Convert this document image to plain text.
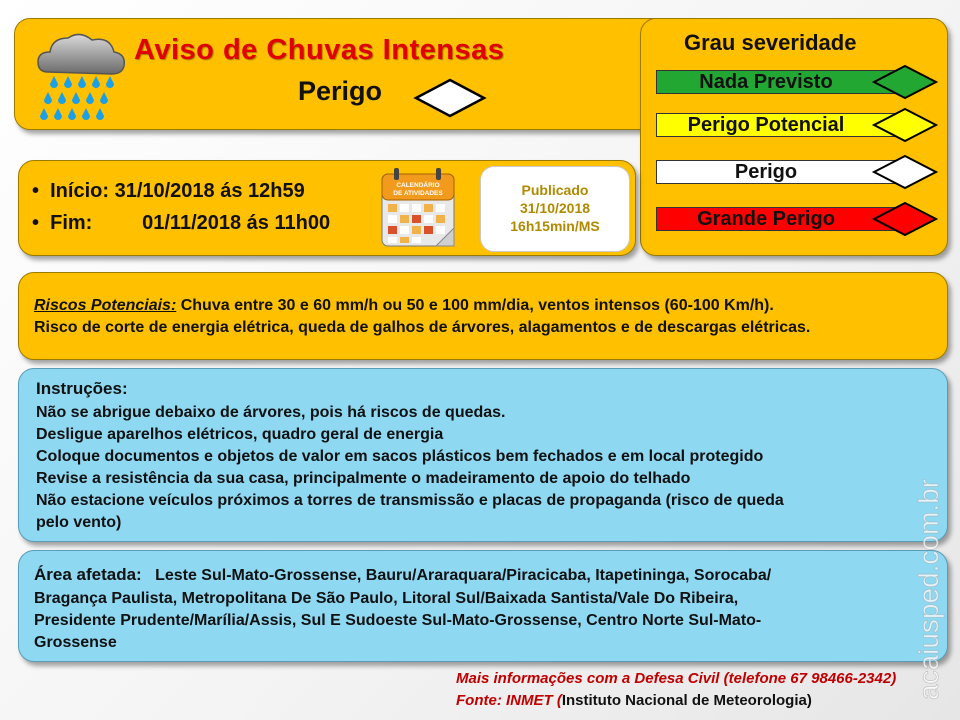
Aviso de Chuvas Intensas
Perigo
Grau severidade
Nada Previsto
Perigo Potencial
Perigo
Grande Perigo
•  Início: 31/10/2018 ás 12h59
•  Fim: 01/11/2018 ás 11h00
CALENDÁRIO
DE ATIVIDADES	Publicado
31/10/2018
16h15min/MS
Riscos Potenciais: Chuva entre 30 e 60 mm/h ou 50 e 100 mm/dia, ventos intensos (60-100 Km/h).
Risco de corte de energia elétrica, queda de galhos de árvores, alagamentos e de descargas elétricas.
Instruções:
Não se abrigue debaixo de árvores, pois há riscos de quedas.
Desligue aparelhos elétricos, quadro geral de energia
Coloque documentos e objetos de valor em sacos plásticos bem fechados e em local protegido
Revise a resistência da sua casa, principalmente o madeiramento de apoio do telhado
Não estacione veículos próximos a torres de transmissão e placas de propaganda (risco de queda
pelo vento)
Área afetada: Leste Sul-Mato-Grossense, Bauru/Araraquara/Piracicaba, Itapetininga, Sorocaba/
Bragança Paulista, Metropolitana De São Paulo, Litoral Sul/Baixada Santista/Vale Do Ribeira,
Presidente Prudente/Marília/Assis, Sul E Sudoeste Sul-Mato-Grossense, Centro Norte Sul-Mato-
Grossense
Mais informações com a Defesa Civil (telefone 67 98466-2342)
Fonte: INMET (Instituto Nacional de Meteorologia)
acaiusped.com.br
